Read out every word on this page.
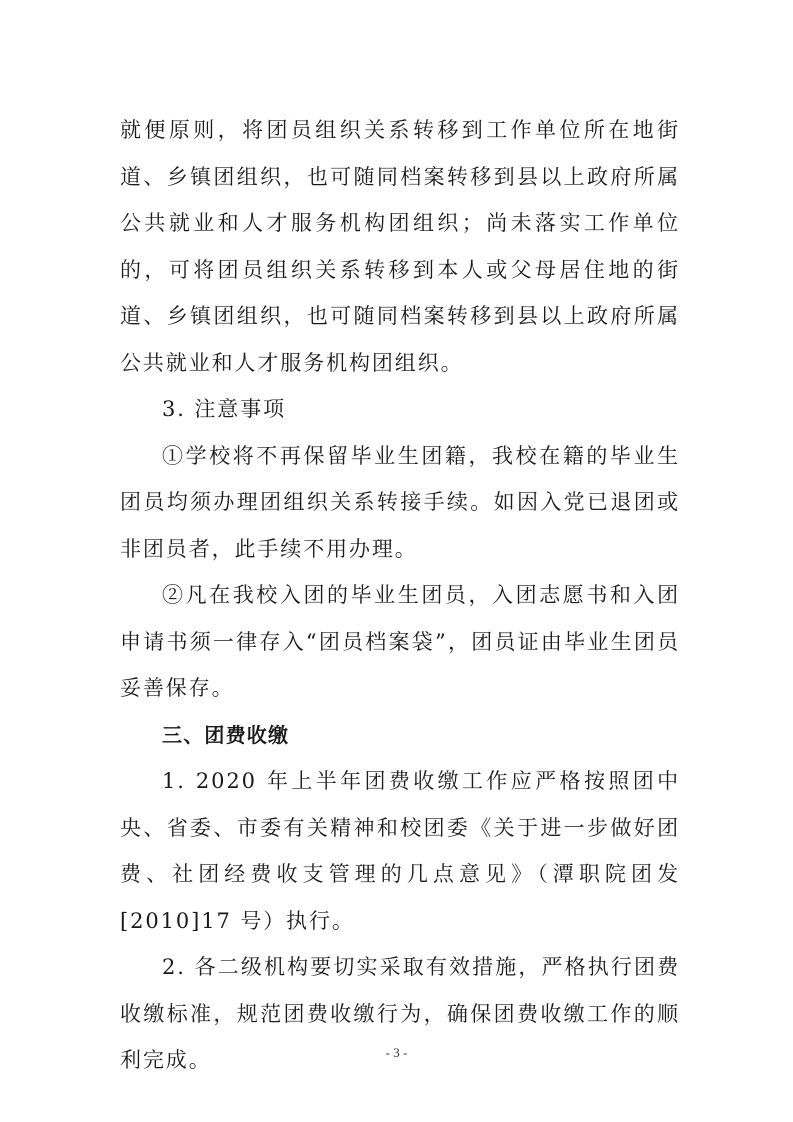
就便原则，将团员组织关系转移到工作单位所在地街道、乡镇团组织，也可随同档案转移到县以上政府所属公共就业和人才服务机构团组织；尚未落实工作单位的，可将团员组织关系转移到本人或父母居住地的街道、乡镇团组织，也可随同档案转移到县以上政府所属公共就业和人才服务机构团组织。

3. 注意事项

①学校将不再保留毕业生团籍，我校在籍的毕业生团员均须办理团组织关系转接手续。如因入党已退团或非团员者，此手续不用办理。

②凡在我校入团的毕业生团员，入团志愿书和入团申请书须一律存入“团员档案袋”，团员证由毕业生团员妥善保存。

三、团费收缴

1. 2020 年上半年团费收缴工作应严格按照团中央、省委、市委有关精神和校团委《关于进一步做好团费、社团经费收支管理的几点意见》（潭职院团发[2010]17 号）执行。

2. 各二级机构要切实采取有效措施，严格执行团费收缴标准，规范团费收缴行为，确保团费收缴工作的顺利完成。	- 3 -
